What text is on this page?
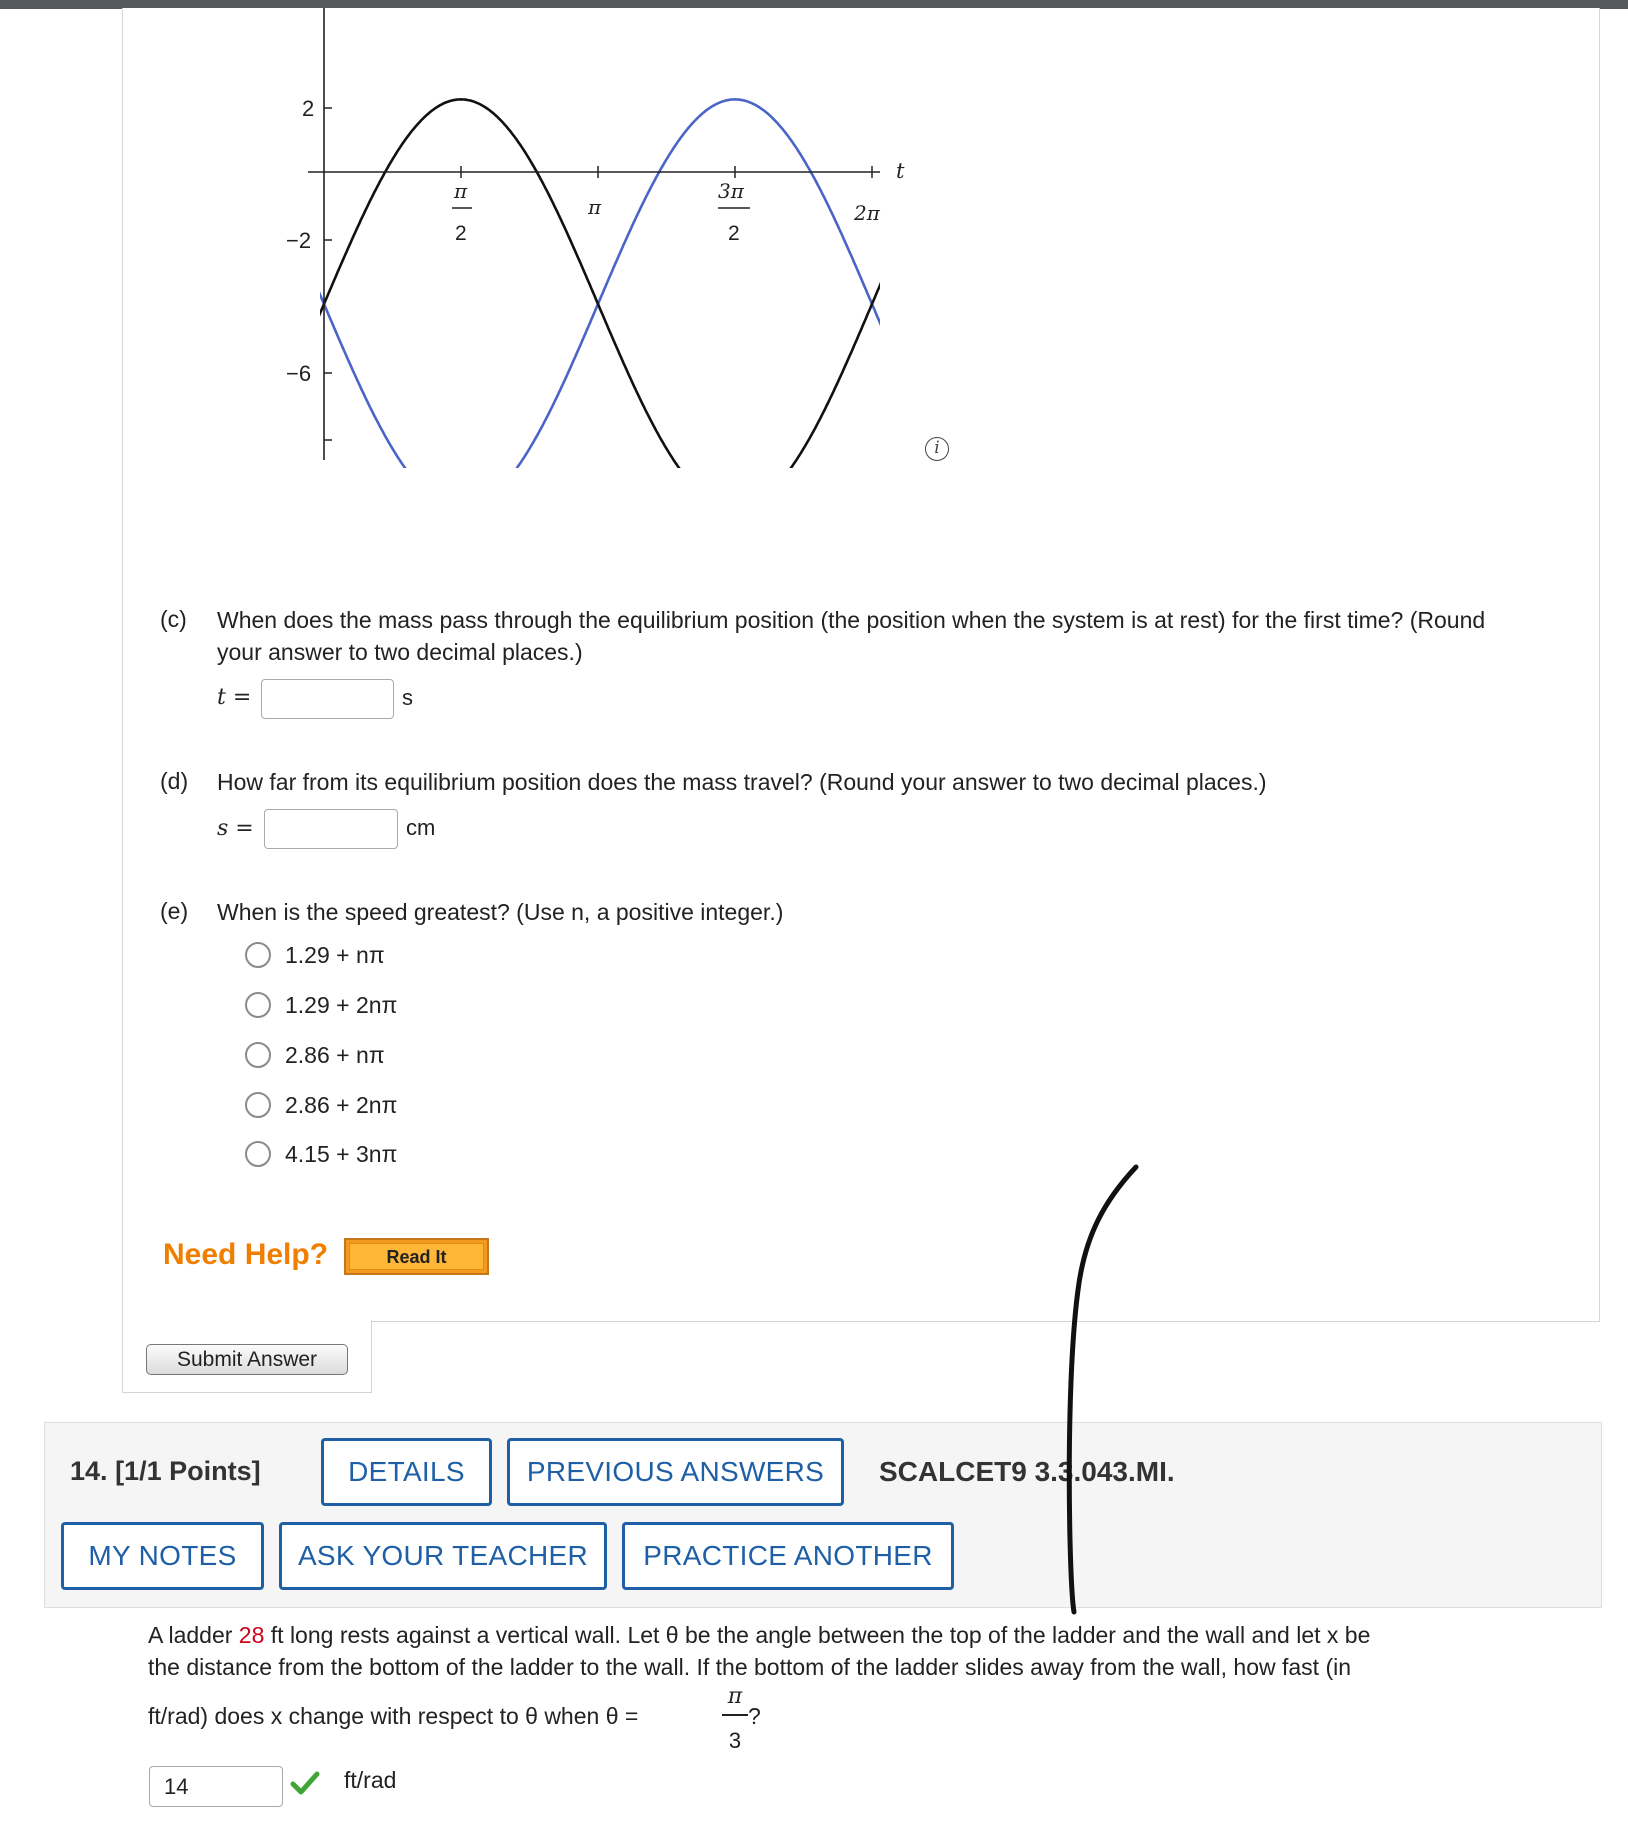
2
−2
−6
π
2
π
3π
2
2π
t
i
(c) When does the mass pass through the equilibrium position (the position when the system is at rest) for the first time? (Round your answer to two decimal places.)
t =	s
(d) How far from its equilibrium position does the mass travel? (Round your answer to two decimal places.)
s =	cm
(e) When is the speed greatest? (Use n, a positive integer.)
1.29 + nπ
1.29 + 2nπ
2.86 + nπ
2.86 + 2nπ
4.15 + 3nπ
Need Help?	Read It
Submit Answer
14. [1/1 Points]	DETAILS	PREVIOUS ANSWERS	SCALCET9 3.3.043.MI.
MY NOTES	ASK YOUR TEACHER	PRACTICE ANOTHER
A ladder 28 ft long rests against a vertical wall. Let θ be the angle between the top of the ladder and the wall and let x be
the distance from the bottom of the ladder to the wall. If the bottom of the ladder slides away from the wall, how fast (in
ft/rad) does x change with respect to θ when θ =
π
3
?
14	ft/rad
